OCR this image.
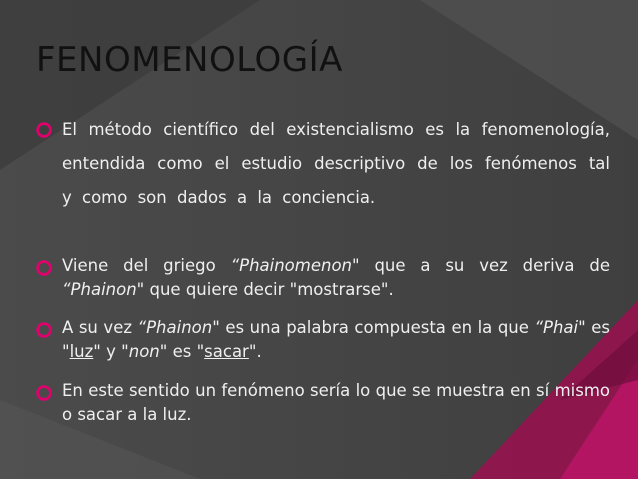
FENOMENOLOGÍA
El método científico del existencialismo es la fenomenología, entendida como el estudio descriptivo de los fenómenos tal y como son dados a la conciencia.
Viene del griego “Phainomenon" que a su vez deriva de “Phainon" que quiere decir "mostrarse".
A su vez “Phainon" es una palabra compuesta en la que “Phai" es "luz" y "non" es "sacar".
En este sentido un fenómeno sería lo que se muestra en sí mismo o sacar a la luz.
